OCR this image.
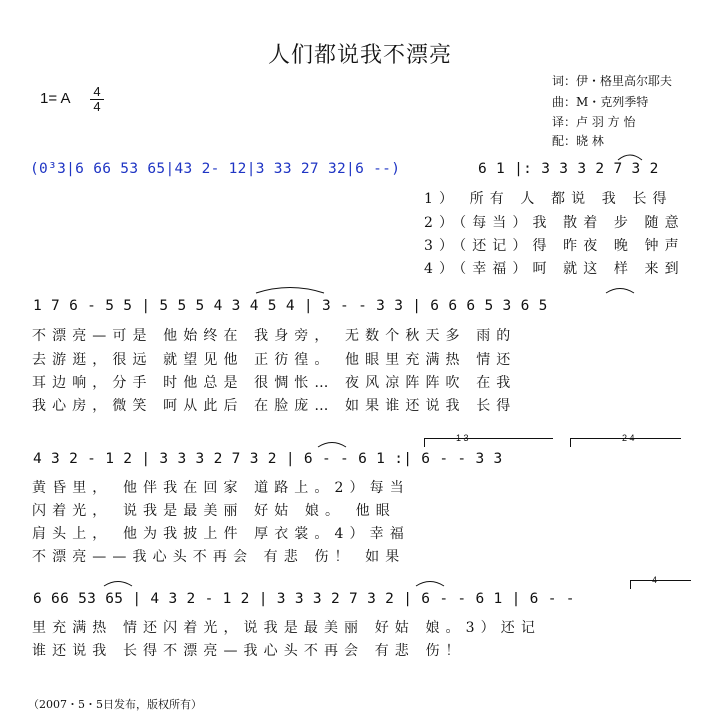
人们都说我不漂亮
1= A 4
4
词：伊・格里高尔耶夫
曲：M・克列季特
译：卢 羽 方 怡
配：晓 林
(0³3|6 66 53 65|43 2- 12|3 33 27 32|6 --)	6 1 |: 3 3 3 2 7 3 2
1） 所有 人 都说 我 长得
2）（每当）我 散着 步 随意
3）（还记）得 昨夜 晚 钟声
4）（幸福）呵 就这 样 来到
1 7 6 - 5 5 | 5 5 5 4 3 4 5 4 | 3 - - 3 3 | 6 6 6 5 3 6 5
不漂亮—可是 他始终在 我身旁， 无数个秋天多 雨的
去游逛，很远 就望见他 正彷徨。 他眼里充满热 情还
耳边响，分手 时他总是 很惆怅… 夜风凉阵阵吹 在我
我心房，微笑 呵从此后 在脸庞… 如果谁还说我 长得
1 3	2 4
4 3 2 - 1 2 | 3 3 3 2 7 3 2 | 6 - - 6 1 :| 6 - - 3 3
黄昏里， 他伴我在回家 道路上。2）每当
闪着光， 说我是最美丽 好姑 娘。 他眼
肩头上， 他为我披上件 厚衣裳。4）幸福
不漂亮——我心头不再会 有悲 伤！ 如果
4
6 66 53 65 | 4 3 2 - 1 2 | 3 3 3 2 7 3 2 | 6 - - 6 1 | 6 - -
里充满热 情还闪着光，说我是最美丽 好姑 娘。3）还记
谁还说我 长得不漂亮—我心头不再会 有悲 伤！
（2007・5・5日发布，版权所有）
